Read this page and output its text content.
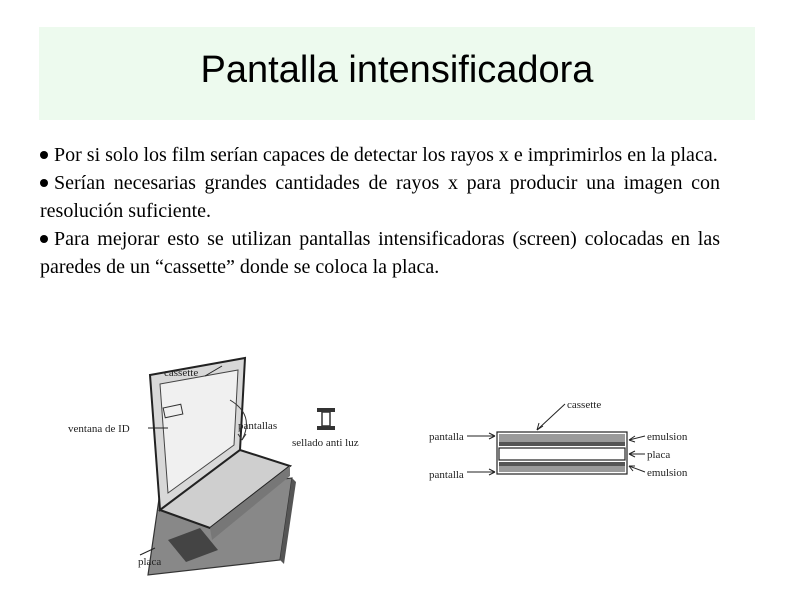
Pantalla intensificadora

Por si solo los film serían capaces de detectar los rayos x e imprimirlos en la placa.

Serían necesarias grandes cantidades de rayos x para producir una imagen con resolución suficiente.

Para mejorar esto se utilizan pantallas intensificadoras (screen) colocadas en las paredes de un “cassette” donde se coloca la placa.

cassette
ventana de ID	pantallas
sellado anti luz
placa
cassette
pantalla
pantalla
emulsion
placa
emulsion
